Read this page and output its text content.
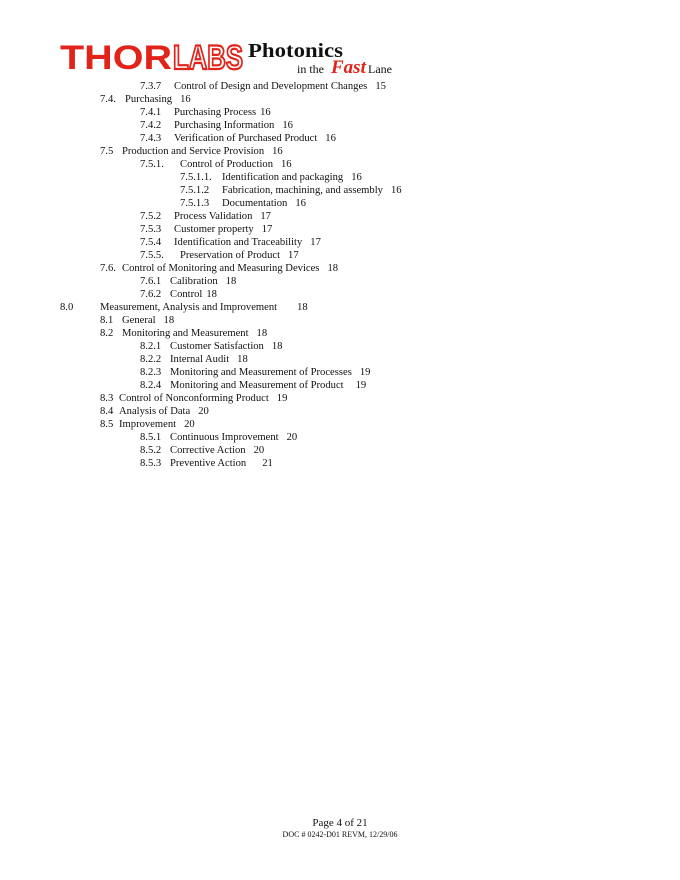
THOR LABS Photonics
in the Fast Lane
7.3.7 Control of Design and Development Changes 15
7.4. Purchasing 16
7.4.1 Purchasing Process 16
7.4.2 Purchasing Information 16
7.4.3 Verification of Purchased Product 16
7.5 Production and Service Provision 16
7.5.1. Control of Production 16
7.5.1.1. Identification and packaging 16
7.5.1.2 Fabrication, machining, and assembly 16
7.5.1.3 Documentation 16
7.5.2 Process Validation 17
7.5.3 Customer property 17
7.5.4 Identification and Traceability 17
7.5.5. Preservation of Product 17
7.6. Control of Monitoring and Measuring Devices 18
7.6.1 Calibration 18
7.6.2 Control 18
8.0	Measurement, Analysis and Improvement 18
8.1 General 18
8.2 Monitoring and Measurement 18
8.2.1 Customer Satisfaction 18
8.2.2 Internal Audit 18
8.2.3 Monitoring and Measurement of Processes 19
8.2.4 Monitoring and Measurement of Product 19
8.3 Control of Nonconforming Product 19
8.4 Analysis of Data 20
8.5 Improvement 20
8.5.1 Continuous Improvement 20
8.5.2 Corrective Action 20
8.5.3 Preventive Action 21
Page 4 of 21
DOC # 0242-D01 REVM, 12/29/06
